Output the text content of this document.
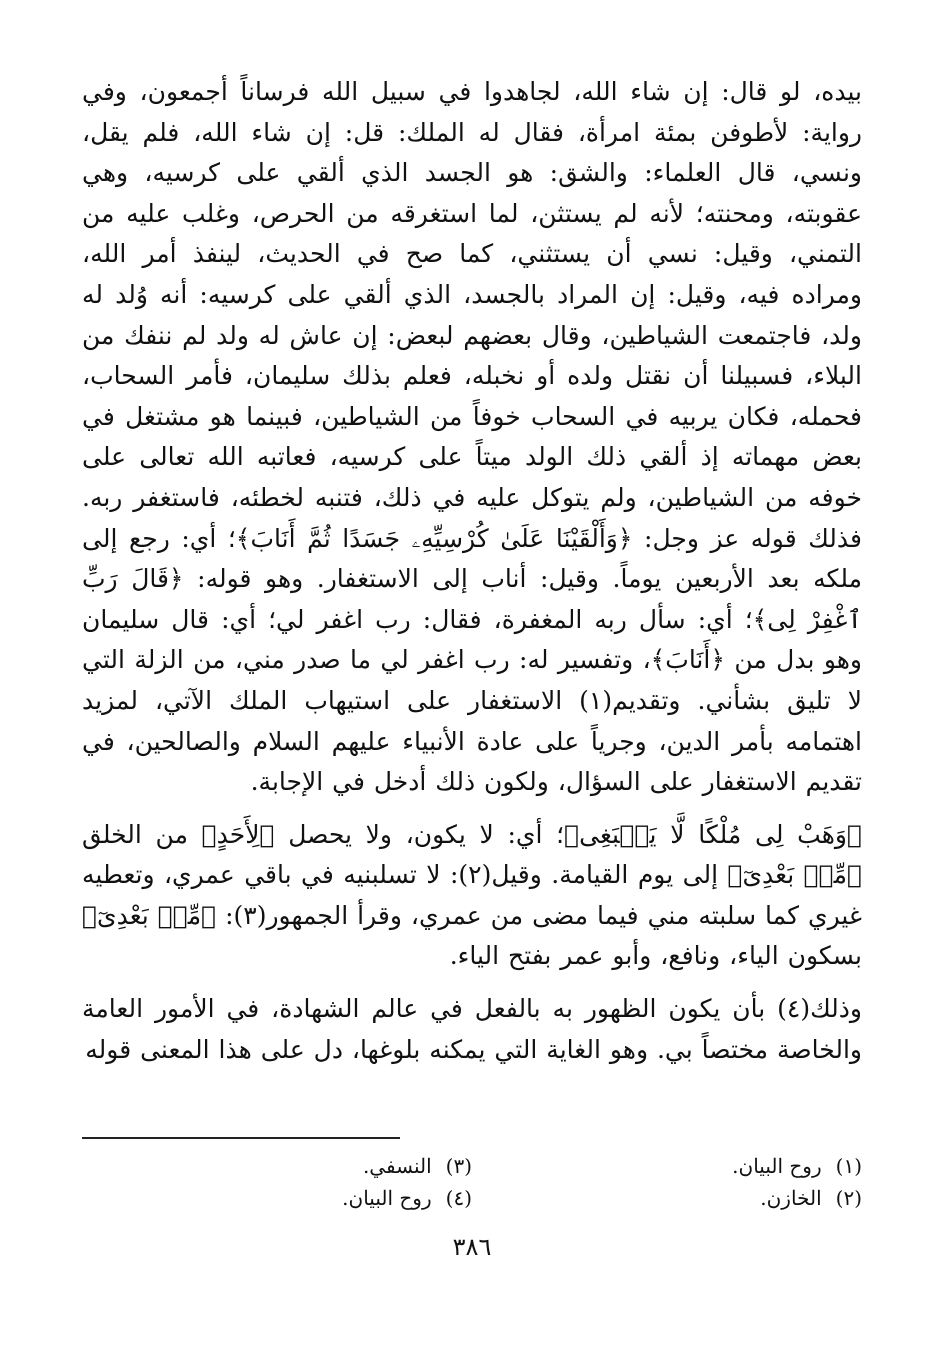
بيده، لو قال: إن شاء الله، لجاهدوا في سبيل الله فرساناً أجمعون، وفي رواية: لأطوفن بمئة امرأة، فقال له الملك: قل: إن شاء الله، فلم يقل، ونسي، قال العلماء: والشق: هو الجسد الذي ألقي على كرسيه، وهي عقوبته، ومحنته؛ لأنه لم يستثن، لما استغرقه من الحرص، وغلب عليه من التمني، وقيل: نسي أن يستثني، كما صح في الحديث، لينفذ أمر الله، ومراده فيه، وقيل: إن المراد بالجسد، الذي ألقي على كرسيه: أنه وُلد له ولد، فاجتمعت الشياطين، وقال بعضهم لبعض: إن عاش له ولد لم ننفك من البلاء، فسبيلنا أن نقتل ولده أو نخبله، فعلم بذلك سليمان، فأمر السحاب، فحمله، فكان يربيه في السحاب خوفاً من الشياطين، فبينما هو مشتغل في بعض مهماته إذ ألقي ذلك الولد ميتاً على كرسيه، فعاتبه الله تعالى على خوفه من الشياطين، ولم يتوكل عليه في ذلك، فتنبه لخطئه، فاستغفر ربه. فذلك قوله عز وجل: ﴿وَأَلْقَيْنَا عَلَىٰ كُرْسِيِّهِۦ جَسَدًا ثُمَّ أَنَابَ﴾؛ أي: رجع إلى ملكه بعد الأربعين يوماً. وقيل: أناب إلى الاستغفار. وهو قوله: ﴿قَالَ رَبِّ ٱغْفِرْ لِى﴾؛ أي: سأل ربه المغفرة، فقال: رب اغفر لي؛ أي: قال سليمان وهو بدل من ﴿أَنَابَ﴾، وتفسير له: رب اغفر لي ما صدر مني، من الزلة التي لا تليق بشأني. وتقديم(١) الاستغفار على استيهاب الملك الآتي، لمزيد اهتمامه بأمر الدين، وجرياً على عادة الأنبياء عليهم السلام والصالحين، في تقديم الاستغفار على السؤال، ولكون ذلك أدخل في الإجابة.

﴿وَهَبْ لِى مُلْكًا لَّا يَنۢبَغِى﴾؛ أي: لا يكون، ولا يحصل ﴿لِأَحَدٍ﴾ من الخلق ﴿مِّنۢ بَعْدِىٓ﴾ إلى يوم القيامة. وقيل(٢): لا تسلبنيه في باقي عمري، وتعطيه غيري كما سلبته مني فيما مضى من عمري، وقرأ الجمهور(٣): ﴿مِّنۢ بَعْدِىٓ﴾ بسكون الياء، ونافع، وأبو عمر بفتح الياء.

وذلك(٤) بأن يكون الظهور به بالفعل في عالم الشهادة، في الأمور العامة والخاصة مختصاً بي. وهو الغاية التي يمكنه بلوغها، دل على هذا المعنى قوله

(١)
روح البيان.
(٢)
الخازن.
(٣)
النسفي.
(٤)
روح البيان.
٣٨٦
